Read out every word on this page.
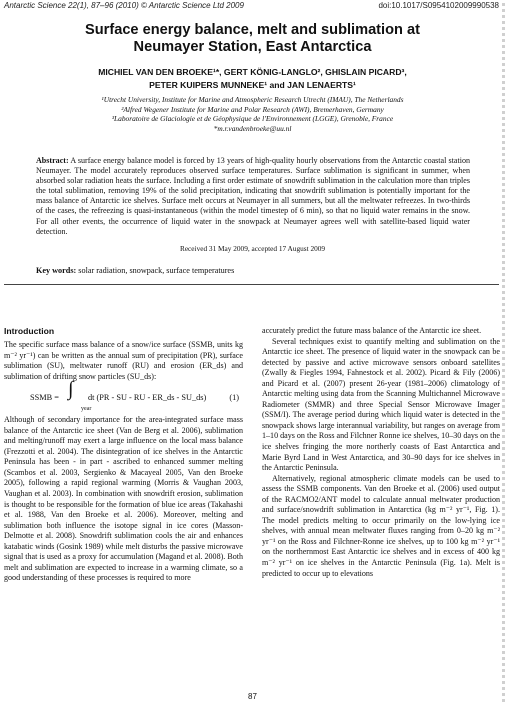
Antarctic Science 22(1), 87–96 (2010) © Antarctic Science Ltd 2009	doi:10.1017/S0954102009990538
Surface energy balance, melt and sublimation at
Neumayer Station, East Antarctica
MICHIEL VAN DEN BROEKE¹*, GERT KÖNIG-LANGLO², GHISLAIN PICARD³,
PETER KUIPERS MUNNEKE¹ and JAN LENAERTS¹
¹Utrecht University, Institute for Marine and Atmospheric Research Utrecht (IMAU), The Netherlands
²Alfred Wegener Institute for Marine and Polar Research (AWI), Bremerhaven, Germany
³Laboratoire de Glaciologie et de Géophysique de l'Environnement (LGGE), Grenoble, France
*m.r.vandenbroeke@uu.nl
Abstract: A surface energy balance model is forced by 13 years of high-quality hourly observations from the Antarctic coastal station Neumayer. The model accurately reproduces observed surface temperatures. Surface sublimation is significant in summer, when absorbed solar radiation heats the surface. Including a first order estimate of snowdrift sublimation in the calculation more than triples the total sublimation, removing 19% of the solid precipitation, indicating that snowdrift sublimation is potentially important for the mass balance of Antarctic ice shelves. Surface melt occurs at Neumayer in all summers, but all the meltwater refreezes. In two-thirds of the cases, the refreezing is quasi-instantaneous (within the model timestep of 6 min), so that no liquid water remains in the snow. For all other events, the occurrence of liquid water in the snowpack at Neumayer agrees well with satellite-based liquid water detection.
Received 31 May 2009, accepted 17 August 2009
Key words: solar radiation, snowpack, surface temperatures
Introduction

The specific surface mass balance of a snow/ice surface (SSMB, units kg m⁻² yr⁻¹) can be written as the annual sum of precipitation (PR), surface sublimation (SU), meltwater runoff (RU) and erosion (ER_ds) and sublimation of drifting snow particles (SU_ds):

SSMB = ∫
year
dt (PR - SU - RU - ER_ds - SU_ds)	(1)

Although of secondary importance for the area-integrated surface mass balance of the Antarctic ice sheet (Van de Berg et al. 2006), sublimation and melting/runoff may exert a large influence on the local mass balance (Frezzotti et al. 2004). The disintegration of ice shelves in the Antarctic Peninsula has been - in part - ascribed to enhanced summer melting (Scambos et al. 2003, Sergienko & Macayeal 2005, Van den Broeke 2005), following a rapid regional warming (Morris & Vaughan 2003, Vaughan et al. 2003). In combination with snowdrift erosion, sublimation is thought to be responsible for the formation of blue ice areas (Takahashi et al. 1988, Van den Broeke et al. 2006). Moreover, melting and sublimation both influence the isotope signal in ice cores (Masson-Delmotte et al. 2008). Snowdrift sublimation cools the air and enhances katabatic winds (Gosink 1989) while melt disturbs the passive microwave signal that is used as a proxy for accumulation (Magand et al. 2008). Both melt and sublimation are expected to increase in a warming climate, so a good understanding of these processes is required to more

accurately predict the future mass balance of the Antarctic ice sheet.

Several techniques exist to quantify melting and sublimation on the Antarctic ice sheet. The presence of liquid water in the snowpack can be detected by passive and active microwave sensors onboard satellites (Zwally & Fiegles 1994, Fahnestock et al. 2002). Picard & Fily (2006) and Picard et al. (2007) present 26-year (1981–2006) climatology of Antarctic melting using data from the Scanning Multichannel Microwave Radiometer (SMMR) and three Special Sensor Microwave Imager (SSM/I). The average period during which liquid water is detected in the snowpack shows large interannual variability, but ranges on average from 1–10 days on the Ross and Filchner Ronne ice shelves, 10–30 days on the ice shelves fringing the more northerly coasts of East Antarctica and Marie Byrd Land in West Antarctica, and 30–90 days for ice shelves in the Antarctic Peninsula.

Alternatively, regional atmospheric climate models can be used to assess the SSMB components. Van den Broeke et al. (2006) used output of the RACMO2/ANT model to calculate annual meltwater production and surface/snowdrift sublimation in Antarctica (kg m⁻² yr⁻¹, Fig. 1). The model predicts melting to occur primarily on the low-lying ice shelves, with annual mean meltwater fluxes ranging from 0–20 kg m⁻² yr⁻¹ on the Ross and Filchner-Ronne ice shelves, up to 100 kg m⁻² yr⁻¹ on the northernmost East Antarctic ice shelves and in excess of 400 kg m⁻² yr⁻¹ on ice shelves in the Antarctic Peninsula (Fig. 1a). Melt is predicted to occur up to elevations

87
